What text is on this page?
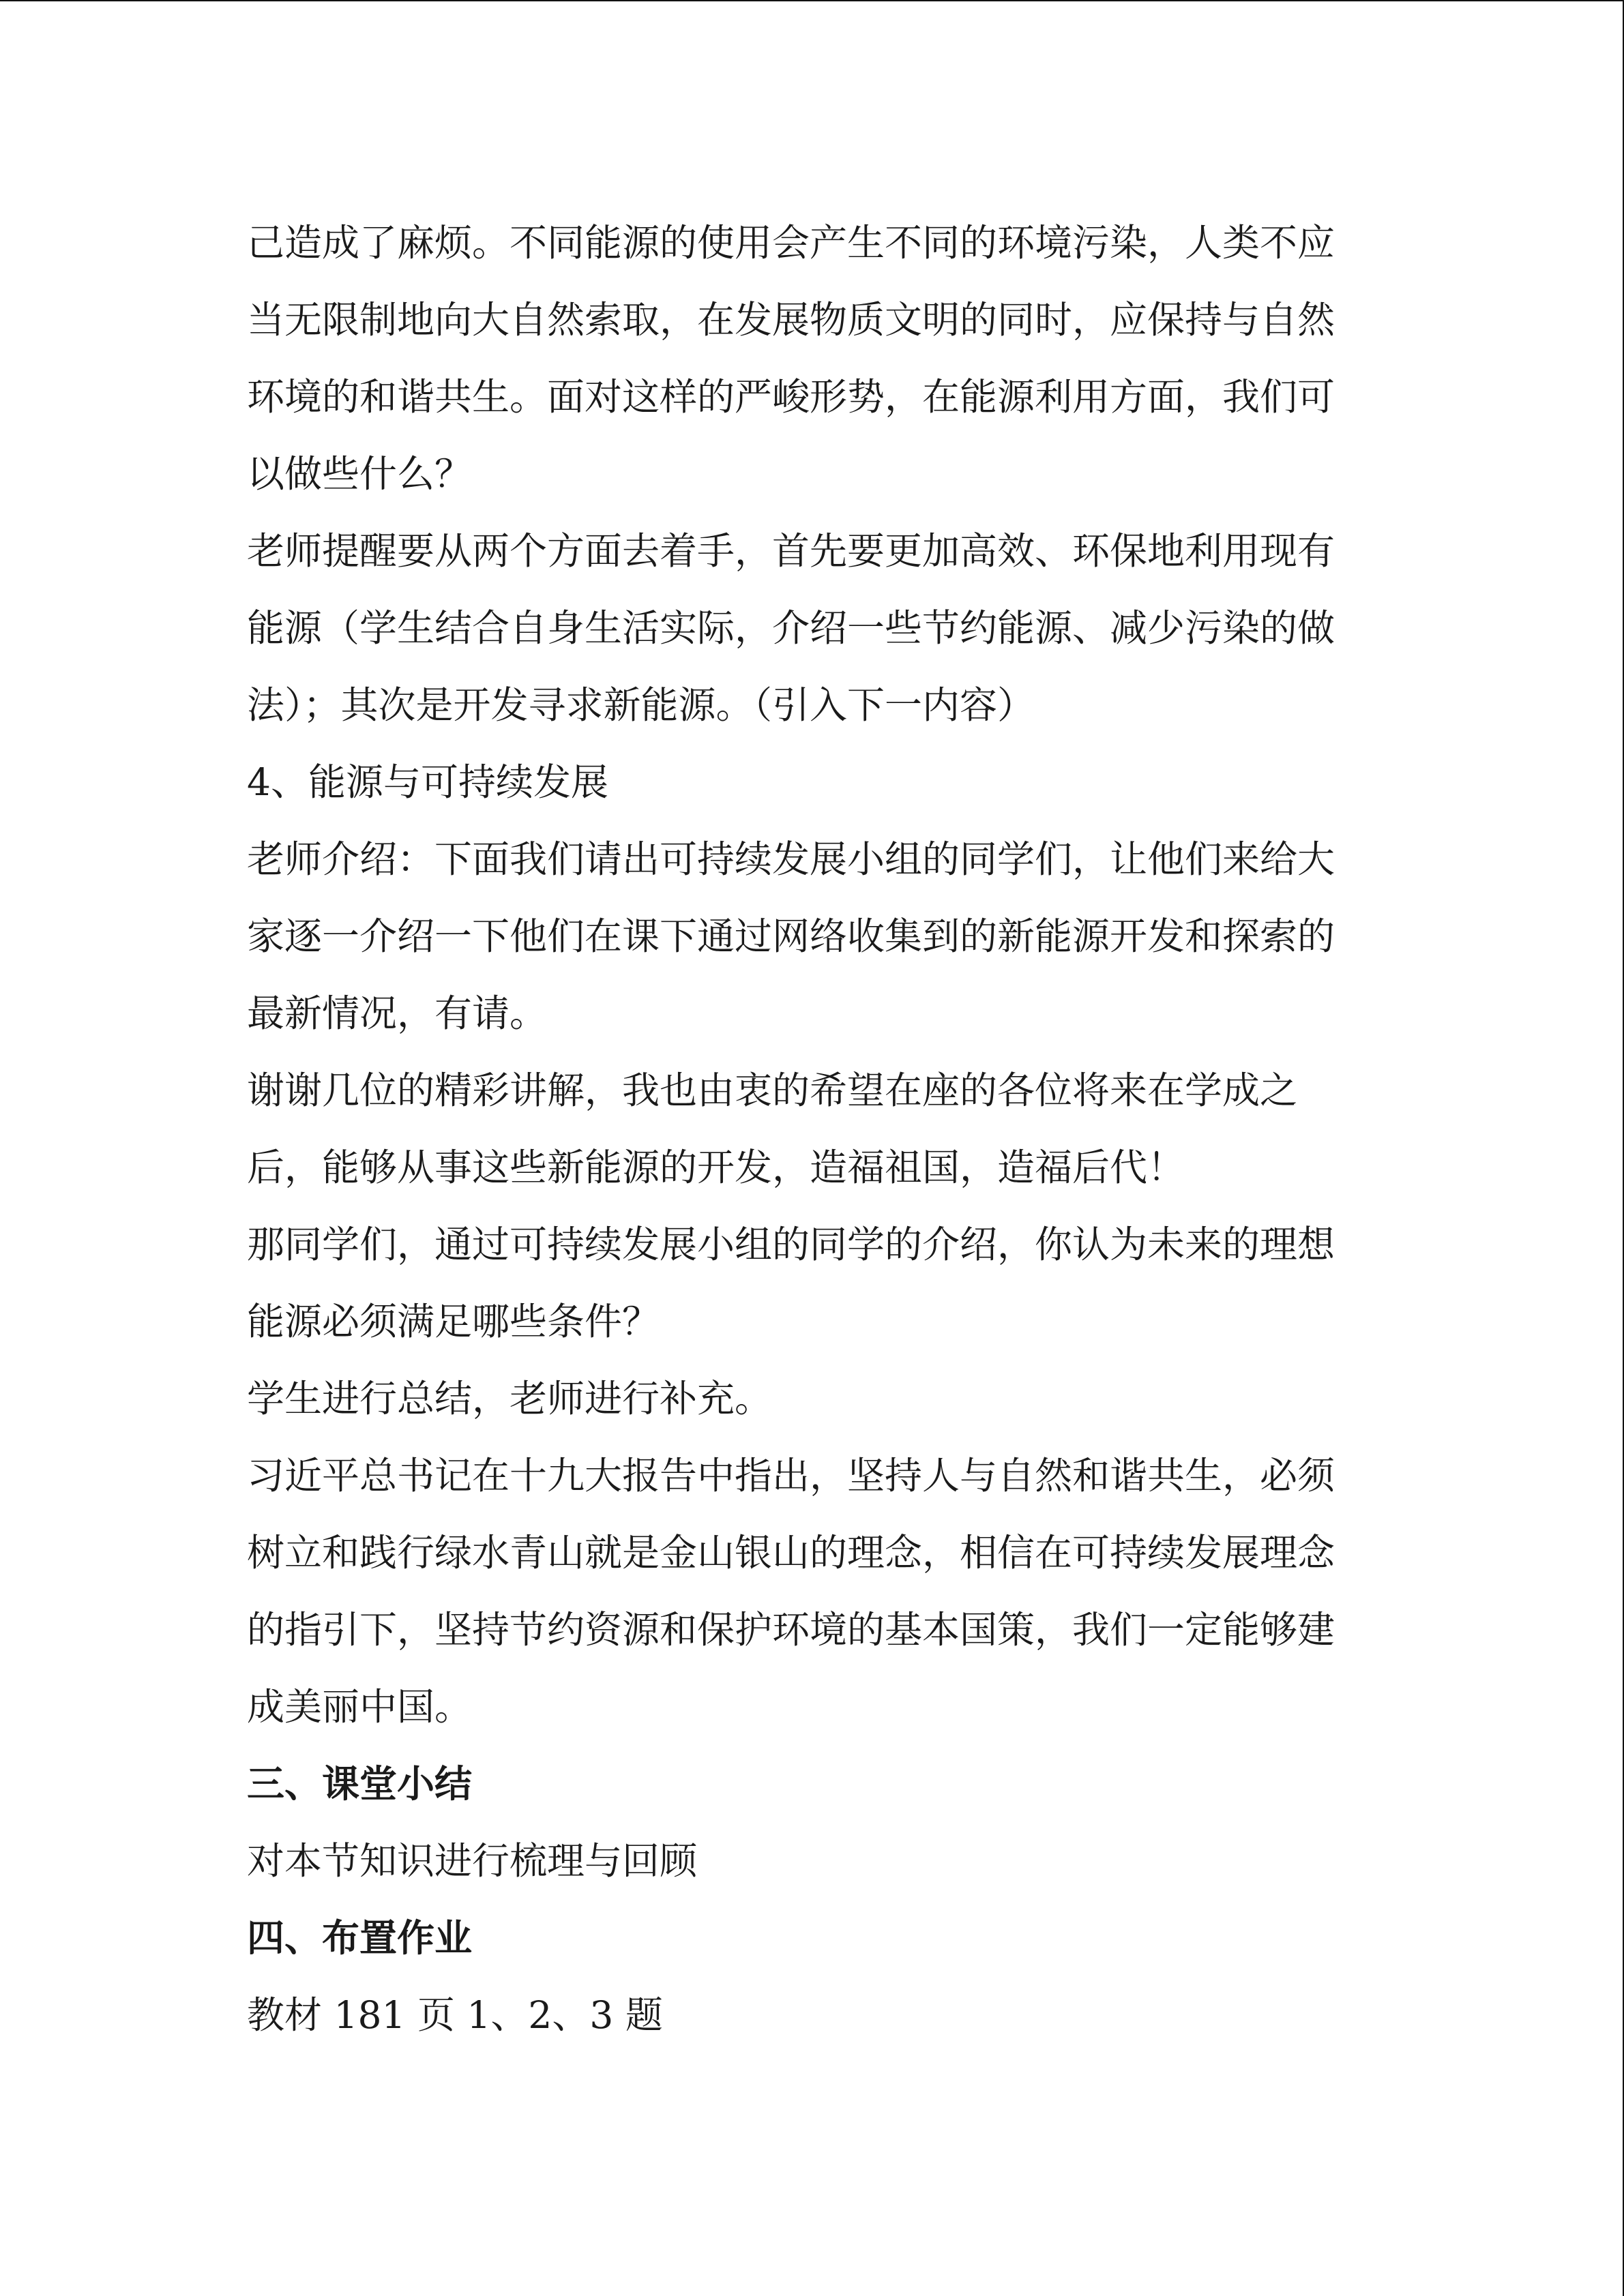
己造成了麻烦。不同能源的使用会产生不同的环境污染，人类不应
当无限制地向大自然索取，在发展物质文明的同时，应保持与自然
环境的和谐共生。面对这样的严峻形势，在能源利用方面，我们可
以做些什么？
老师提醒要从两个方面去着手，首先要更加高效、环保地利用现有
能源（学生结合自身生活实际，介绍一些节约能源、减少污染的做
法）；其次是开发寻求新能源。（引入下一内容）
4、能源与可持续发展
老师介绍：下面我们请出可持续发展小组的同学们，让他们来给大
家逐一介绍一下他们在课下通过网络收集到的新能源开发和探索的
最新情况，有请。
谢谢几位的精彩讲解，我也由衷的希望在座的各位将来在学成之
后，能够从事这些新能源的开发，造福祖国，造福后代！
那同学们，通过可持续发展小组的同学的介绍，你认为未来的理想
能源必须满足哪些条件？
学生进行总结，老师进行补充。
习近平总书记在十九大报告中指出，坚持人与自然和谐共生，必须
树立和践行绿水青山就是金山银山的理念，相信在可持续发展理念
的指引下，坚持节约资源和保护环境的基本国策，我们一定能够建
成美丽中国。
三、课堂小结
对本节知识进行梳理与回顾
四、布置作业
教材 181 页 1、2、3 题
